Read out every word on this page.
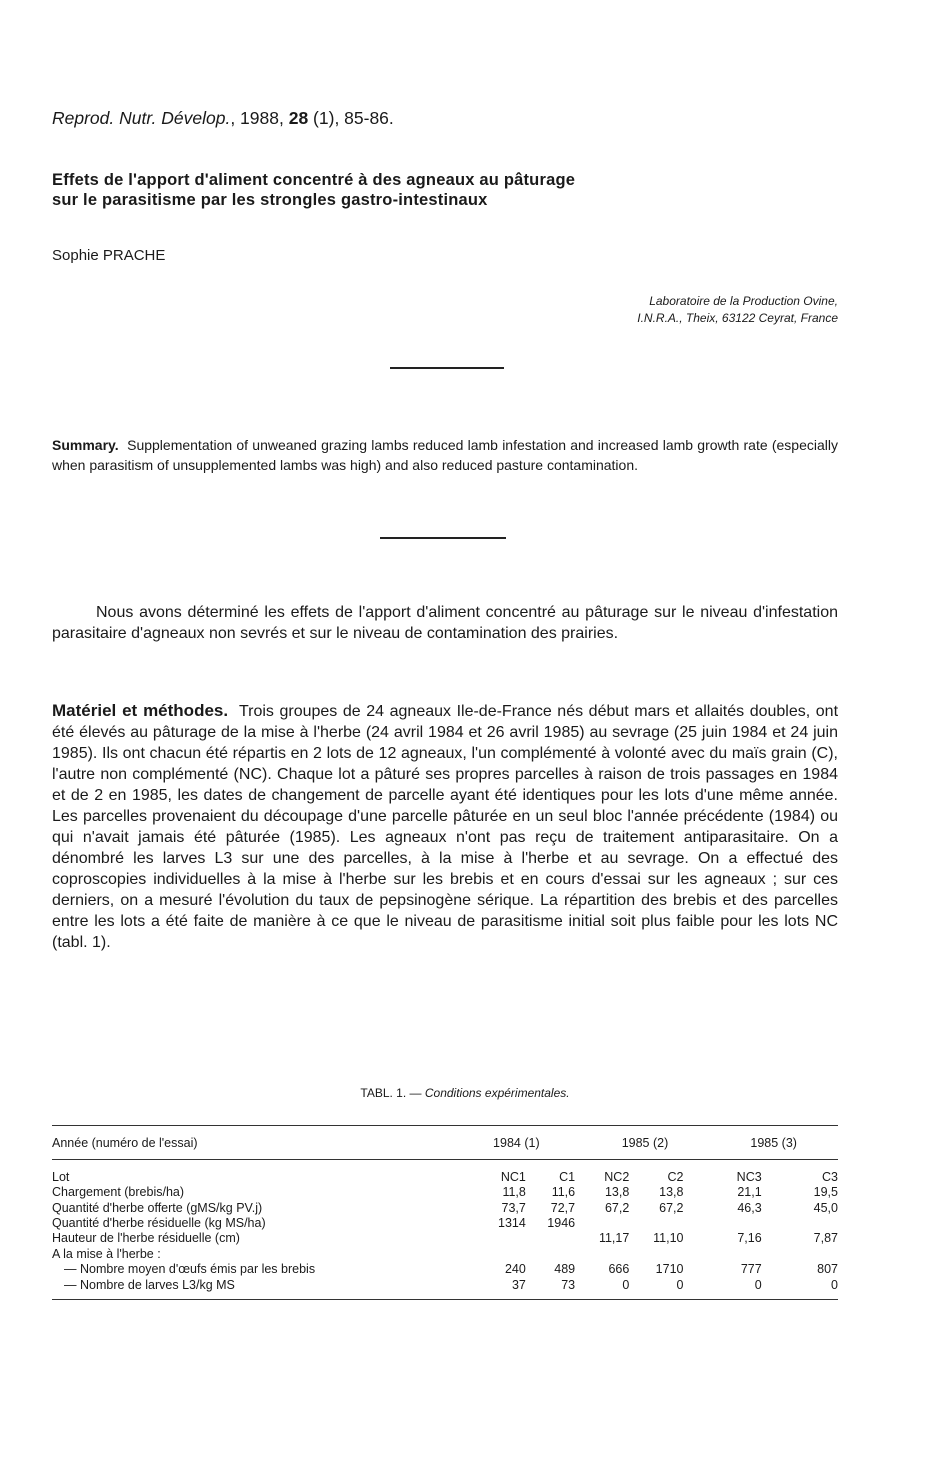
Reprod. Nutr. Dévelop., 1988, 28 (1), 85-86.
Effets de l'apport d'aliment concentré à des agneaux au pâturage
sur le parasitisme par les strongles gastro-intestinaux
Sophie PRACHE
Laboratoire de la Production Ovine,
I.N.R.A., Theix, 63122 Ceyrat, France
Summary. Supplementation of unweaned grazing lambs reduced lamb infestation and increased lamb growth rate (especially when parasitism of unsupplemented lambs was high) and also reduced pasture contamination.
Nous avons déterminé les effets de l'apport d'aliment concentré au pâturage sur le niveau d'infestation parasitaire d'agneaux non sevrés et sur le niveau de contamination des prairies.
Matériel et méthodes. Trois groupes de 24 agneaux Ile-de-France nés début mars et allaités doubles, ont été élevés au pâturage de la mise à l'herbe (24 avril 1984 et 26 avril 1985) au sevrage (25 juin 1984 et 24 juin 1985). Ils ont chacun été répartis en 2 lots de 12 agneaux, l'un complémenté à volonté avec du maïs grain (C), l'autre non complémenté (NC). Chaque lot a pâturé ses propres parcelles à raison de trois passages en 1984 et de 2 en 1985, les dates de changement de parcelle ayant été identiques pour les lots d'une même année. Les parcelles provenaient du découpage d'une parcelle pâturée en un seul bloc l'année précédente (1984) ou qui n'avait jamais été pâturée (1985). Les agneaux n'ont pas reçu de traitement antiparasitaire. On a dénombré les larves L3 sur une des parcelles, à la mise à l'herbe et au sevrage. On a effectué des coproscopies individuelles à la mise à l'herbe sur les brebis et en cours d'essai sur les agneaux ; sur ces derniers, on a mesuré l'évolution du taux de pepsinogène sérique. La répartition des brebis et des parcelles entre les lots a été faite de manière à ce que le niveau de parasitisme initial soit plus faible pour les lots NC (tabl. 1).
TABL. 1. — Conditions expérimentales.
Année (numéro de l'essai)	1984 (1)	1985 (2)	1985 (3)
Lot	NC1	C1	NC2	C2	NC3	C3
Chargement (brebis/ha)	11,8	11,6	13,8	13,8	21,1	19,5
Quantité d'herbe offerte (gMS/kg PV.j)	73,7	72,7	67,2	67,2	46,3	45,0
Quantité d'herbe résiduelle (kg MS/ha)	1314	1946				
Hauteur de l'herbe résiduelle (cm)			11,17	11,10	7,16	7,87
A la mise à l'herbe :						
— Nombre moyen d'œufs émis par les brebis	240	489	666	1710	777	807
— Nombre de larves L3/kg MS	37	73	0	0	0	0
